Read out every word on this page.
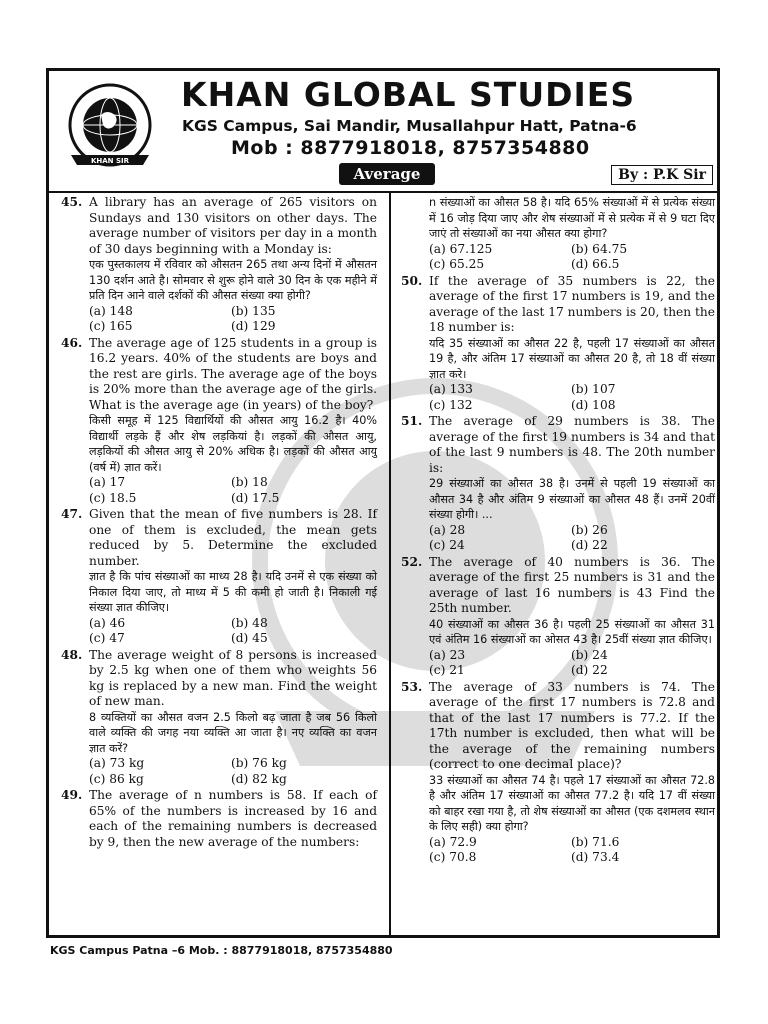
KHAN SIR
KHAN GLOBAL STUDIES
KGS Campus, Sai Mandir, Musallahpur Hatt, Patna-6
Mob : 8877918018, 8757354880
Average	By : P.K Sir
45. A library has an average of 265 visitors on Sundays and 130 visitors on other days. The average number of visitors per day in a month of 30 days beginning with a Monday is:
एक पुस्तकालय में रविवार को औसतन 265 तथा अन्य दिनों में औसतन 130 दर्शन आते है। सोमवार से शुरू होने वाले 30 दिन के एक महीने में प्रति दिन आने वाले दर्शकों की औसत संख्या क्या होगी?
(a) 148	(b) 135
(c) 165	(d) 129
46. The average age of 125 students in a group is 16.2 years. 40% of the students are boys and the rest are girls. The average age of the boys is 20% more than the average age of the girls. What is the average age (in years) of the boy?
किसी समूह में 125 विद्यार्थियों की औसत आयु 16.2 है। 40% विद्यार्थी लड़के हैं और शेष लड़कियां है। लड़कों की औसत आयु, लड़कियों की औसत आयु से 20% अधिक है। लड़कों की औसत आयु (वर्ष में) ज्ञात करें।
(a) 17	(b) 18
(c) 18.5	(d) 17.5
47. Given that the mean of five numbers is 28. If one of them is excluded, the mean gets reduced by 5. Determine the excluded number.
ज्ञात है कि पांच संख्याओं का माध्य 28 है। यदि उनमें से एक संख्या को निकाल दिया जाए, तो माध्य में 5 की कमी हो जाती है। निकाली गई संख्या ज्ञात कीजिए।
(a) 46	(b) 48
(c) 47	(d) 45
48. The average weight of 8 persons is increased by 2.5 kg when one of them who weights 56 kg is replaced by a new man. Find the weight of new man.
8 व्यक्तियों का औसत वजन 2.5 किलो बढ़ जाता है जब 56 किलो वाले व्यक्ति की जगह नया व्यक्ति आ जाता है। नए व्यक्ति का वजन ज्ञात करें?
(a) 73 kg	(b) 76 kg
(c) 86 kg	(d) 82 kg
49. The average of n numbers is 58. If each of 65% of the numbers is increased by 16 and each of the remaining numbers is decreased by 9, then the new average of the numbers:
n संख्याओं का औसत 58 है। यदि 65% संख्याओं में से प्रत्येक संख्या में 16 जोड़ दिया जाए और शेष संख्याओं में से प्रत्येक में से 9 घटा दिए जाएं तो संख्याओं का नया औसत क्या होगा?
(a) 67.125	(b) 64.75
(c) 65.25	(d) 66.5
50. If the average of 35 numbers is 22, the average of the first 17 numbers is 19, and the average of the last 17 numbers is 20, then the 18 number is:
यदि 35 संख्याओं का औसत 22 है, पहली 17 संख्याओं का औसत 19 है, और अंतिम 17 संख्याओं का औसत 20 है, तो 18 वीं संख्या ज्ञात करे।
(a) 133	(b) 107
(c) 132	(d) 108
51. The average of 29 numbers is 38. The average of the first 19 numbers is 34 and that of the last 9 numbers is 48. The 20th number is:
29 संख्याओं का औसत 38 है। उनमें से पहली 19 संख्याओं का औसत 34 है और अंतिम 9 संख्याओं का औसत 48 हैं। उनमें 20वीं संख्या होगी। ...
(a) 28	(b) 26
(c) 24	(d) 22
52. The average of 40 numbers is 36. The average of the first 25 numbers is 31 and the average of last 16 numbers is 43 Find the 25th number.
40 संख्याओं का औसत 36 है। पहली 25 संख्याओं का औसत 31 एवं अंतिम 16 संख्याओं का ओसत 43 है। 25वीं संख्या ज्ञात कीजिए।
(a) 23	(b) 24
(c) 21	(d) 22
53. The average of 33 numbers is 74. The average of the first 17 numbers is 72.8 and that of the last 17 numbers is 77.2. If the 17th number is excluded, then what will be the average of the remaining numbers (correct to one decimal place)?
33 संख्याओं का औसत 74 है। पहले 17 संख्याओं का औसत 72.8 है और अंतिम 17 संख्याओं का औसत 77.2 है। यदि 17 वीं संख्या को बाहर रखा गया है, तो शेष संख्याओं का औसत (एक दशमलव स्थान के लिए सही) क्या होगा?
(a) 72.9	(b) 71.6
(c) 70.8	(d) 73.4
KGS Campus Patna –6 Mob. : 8877918018, 8757354880
